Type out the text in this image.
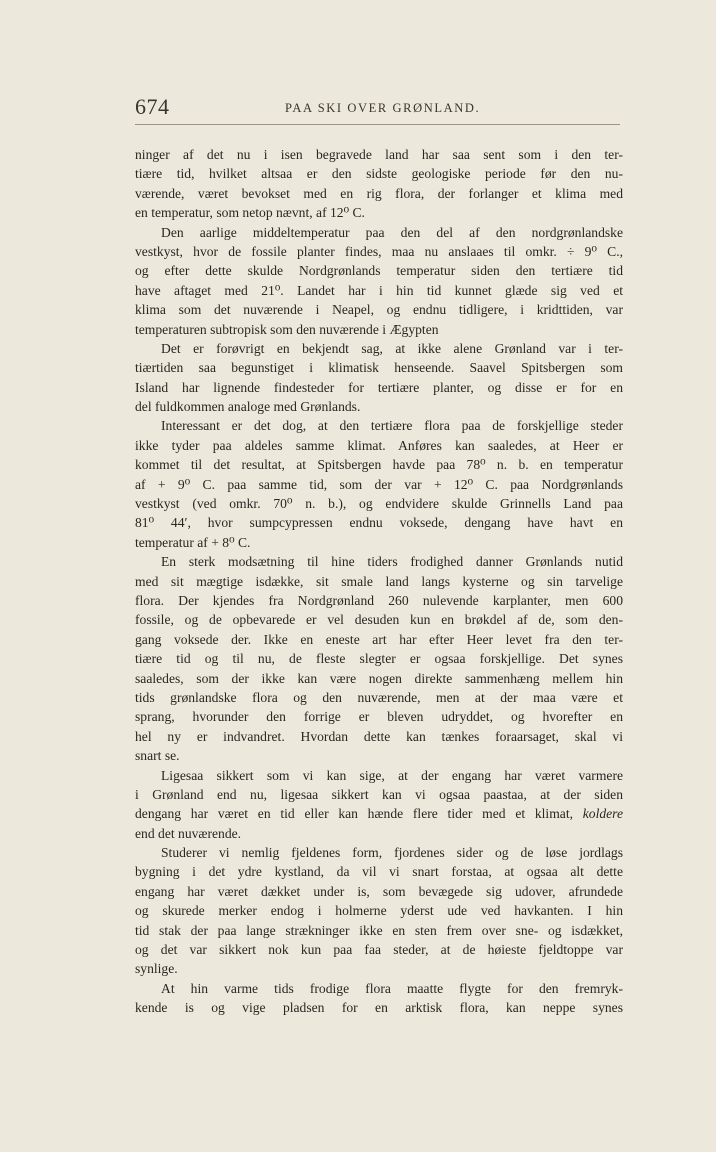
674	PAA SKI OVER GRØNLAND.

ninger af det nu i isen begravede land har saa sent som i den ter-
tiære tid, hvilket altsaa er den sidste geologiske periode før den nu-
værende, været bevokset med en rig flora, der forlanger et klima med
en temperatur, som netop nævnt, af 12⁰ C.

Den aarlige middeltemperatur paa den del af den nordgrønlandske
vestkyst, hvor de fossile planter findes, maa nu anslaaes til omkr. ÷ 9⁰ C.,
og efter dette skulde Nordgrønlands temperatur siden den tertiære tid
have aftaget med 21⁰. Landet har i hin tid kunnet glæde sig ved et
klima som det nuværende i Neapel, og endnu tidligere, i kridttiden, var
temperaturen subtropisk som den nuværende i Ægypten

Det er forøvrigt en bekjendt sag, at ikke alene Grønland var i ter-
tiærtiden saa begunstiget i klimatisk henseende. Saavel Spitsbergen som
Island har lignende findesteder for tertiære planter, og disse er for en
del fuldkommen analoge med Grønlands.

Interessant er det dog, at den tertiære flora paa de forskjellige steder
ikke tyder paa aldeles samme klimat. Anføres kan saaledes, at Heer er
kommet til det resultat, at Spitsbergen havde paa 78⁰ n. b. en temperatur
af + 9⁰ C. paa samme tid, som der var + 12⁰ C. paa Nordgrønlands
vestkyst (ved omkr. 70⁰ n. b.), og endvidere skulde Grinnells Land paa
81⁰ 44′, hvor sumpcypressen endnu voksede, dengang have havt en
temperatur af + 8⁰ C.

En sterk modsætning til hine tiders frodighed danner Grønlands nutid
med sit mægtige isdække, sit smale land langs kysterne og sin tarvelige
flora. Der kjendes fra Nordgrønland 260 nulevende karplanter, men 600
fossile, og de opbevarede er vel desuden kun en brøkdel af de, som den-
gang voksede der. Ikke en eneste art har efter Heer levet fra den ter-
tiære tid og til nu, de fleste slegter er ogsaa forskjellige. Det synes
saaledes, som der ikke kan være nogen direkte sammenhæng mellem hin
tids grønlandske flora og den nuværende, men at der maa være et
sprang, hvorunder den forrige er bleven udryddet, og hvorefter en
hel ny er indvandret. Hvordan dette kan tænkes foraarsaget, skal vi
snart se.

Ligesaa sikkert som vi kan sige, at der engang har været varmere
i Grønland end nu, ligesaa sikkert kan vi ogsaa paastaa, at der siden
dengang har været en tid eller kan hænde flere tider med et klimat, koldere
end det nuværende.

Studerer vi nemlig fjeldenes form, fjordenes sider og de løse jordlags
bygning i det ydre kystland, da vil vi snart forstaa, at ogsaa alt dette
engang har været dækket under is, som bevægede sig udover, afrundede
og skurede merker endog i holmerne yderst ude ved havkanten. I hin
tid stak der paa lange strækninger ikke en sten frem over sne- og isdækket,
og det var sikkert nok kun paa faa steder, at de høieste fjeldtoppe var
synlige.

At hin varme tids frodige flora maatte flygte for den fremryk-
kende is og vige pladsen for en arktisk flora, kan neppe synes
